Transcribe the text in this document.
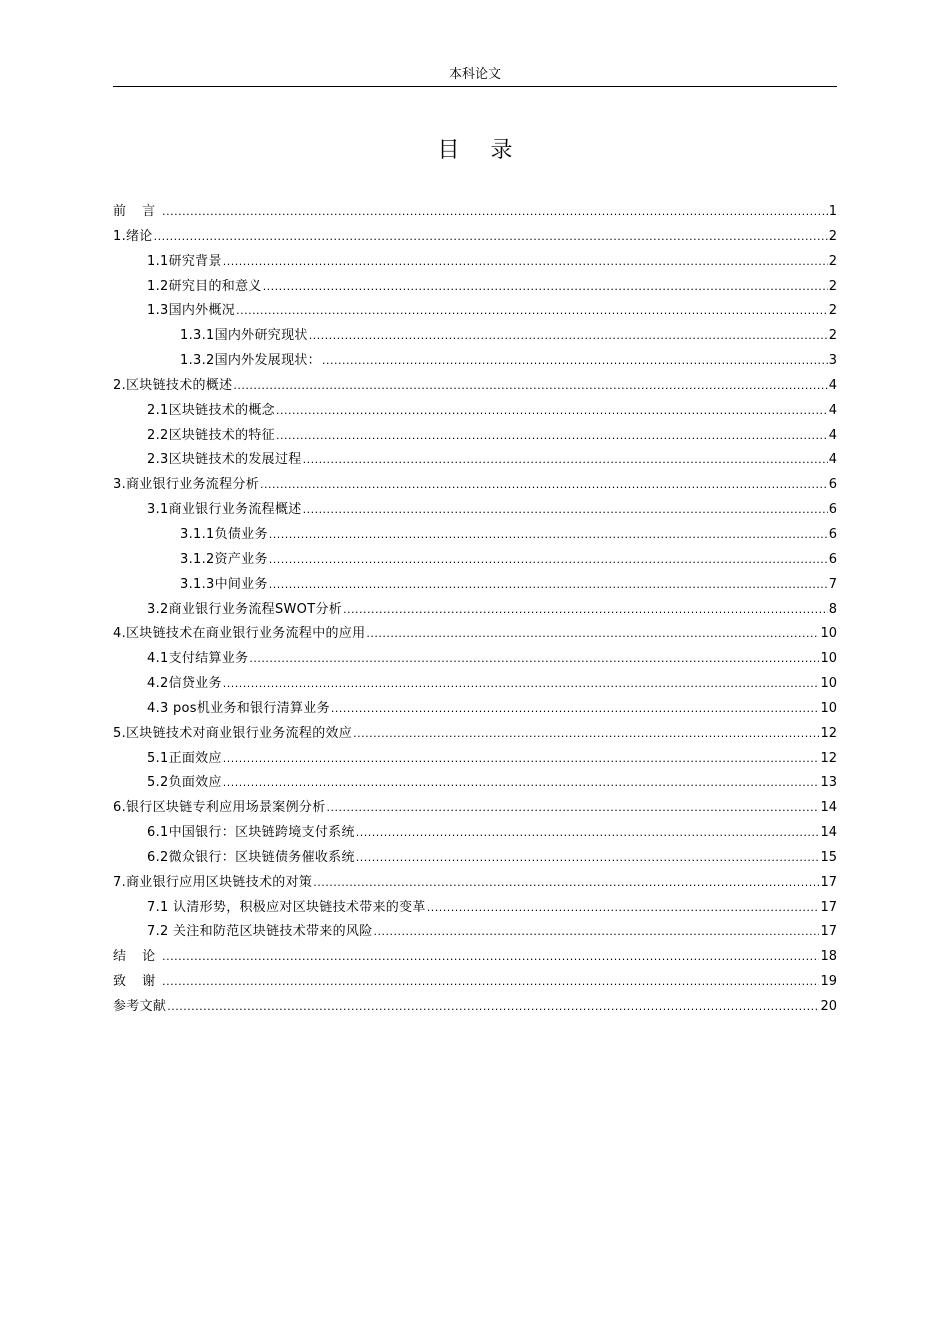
本科论文
目 录
前 言 .....	1
1.绪论 .....	2
1.1研究背景 .....	2
1.2研究目的和意义 .....	2
1.3国内外概况 .....	2
1.3.1国内外研究现状 .....	2
1.3.2国内外发展现状： .....	3
2.区块链技术的概述 .....	4
2.1区块链技术的概念 .....	4
2.2区块链技术的特征 .....	4
2.3区块链技术的发展过程 .....	4
3.商业银行业务流程分析 .....	6
3.1商业银行业务流程概述 .....	6
3.1.1负债业务 .....	6
3.1.2资产业务 .....	6
3.1.3中间业务 .....	7
3.2商业银行业务流程SWOT分析 .....	8
4.区块链技术在商业银行业务流程中的应用 .....	10
4.1支付结算业务 .....	10
4.2信贷业务 .....	10
4.3 pos机业务和银行清算业务 .....	10
5.区块链技术对商业银行业务流程的效应 .....	12
5.1正面效应 .....	12
5.2负面效应 .....	13
6.银行区块链专利应用场景案例分析 .....	14
6.1中国银行：区块链跨境支付系统 .....	14
6.2微众银行：区块链债务催收系统 .....	15
7.商业银行应用区块链技术的对策 .....	17
7.1 认清形势，积极应对区块链技术带来的变革 .....	17
7.2 关注和防范区块链技术带来的风险 .....	17
结 论 .....	18
致 谢 .....	19
参考文献 .....	20
